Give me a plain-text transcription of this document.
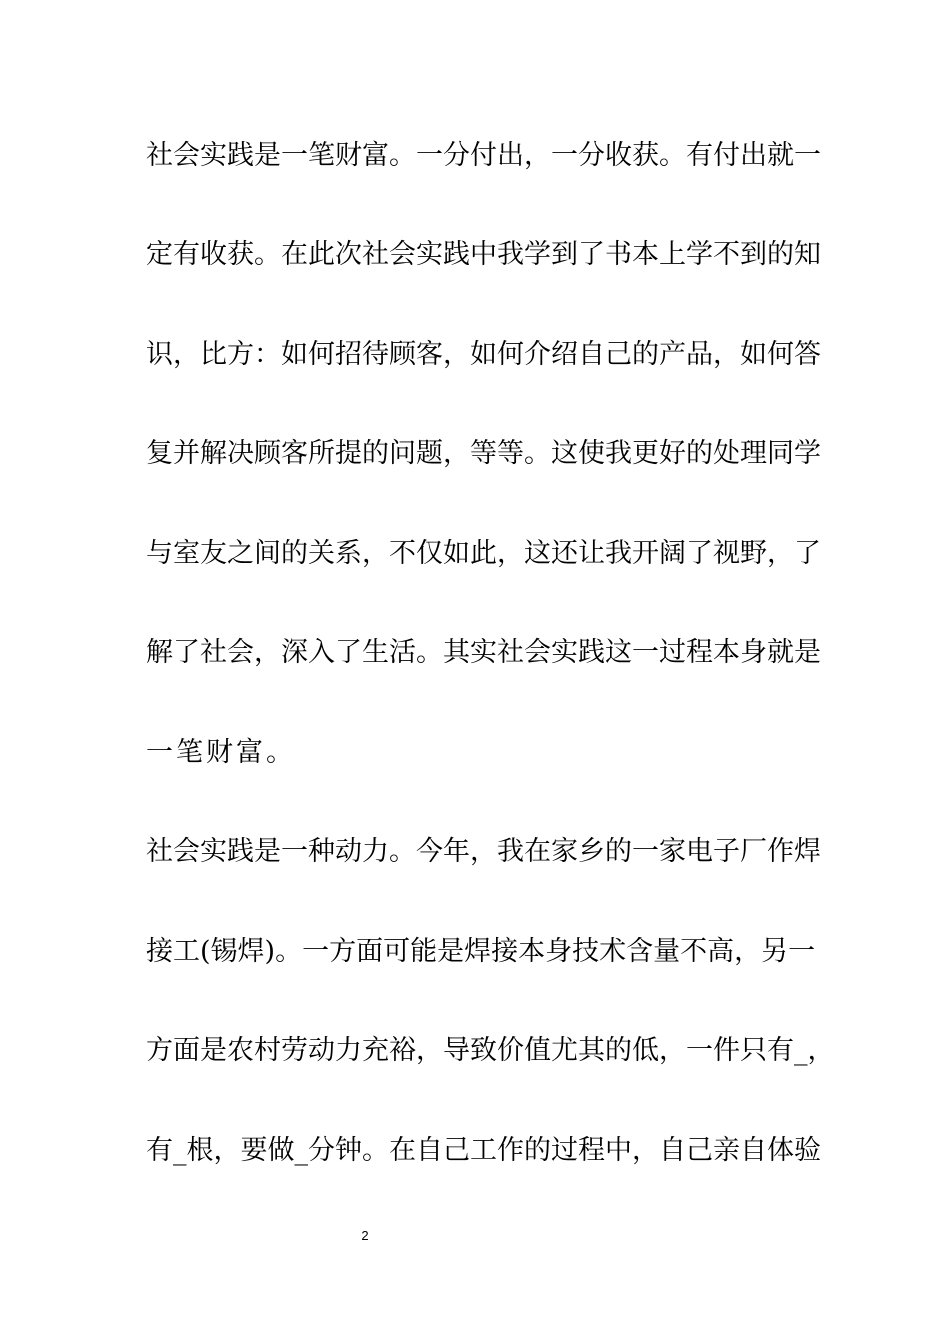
社会实践是一笔财富。一分付出，一分收获。有付出就一
定有收获。在此次社会实践中我学到了书本上学不到的知
识，比方：如何招待顾客，如何介绍自己的产品，如何答
复并解决顾客所提的问题，等等。这使我更好的处理同学
与室友之间的关系，不仅如此，这还让我开阔了视野，了
解了社会，深入了生活。其实社会实践这一过程本身就是
一笔财富。
社会实践是一种动力。今年，我在家乡的一家电子厂作焊
接工(锡焊)。一方面可能是焊接本身技术含量不高，另一
方面是农村劳动力充裕，导致价值尤其的低，一件只有_，
有_根，要做_分钟。在自己工作的过程中，自己亲自体验
2
